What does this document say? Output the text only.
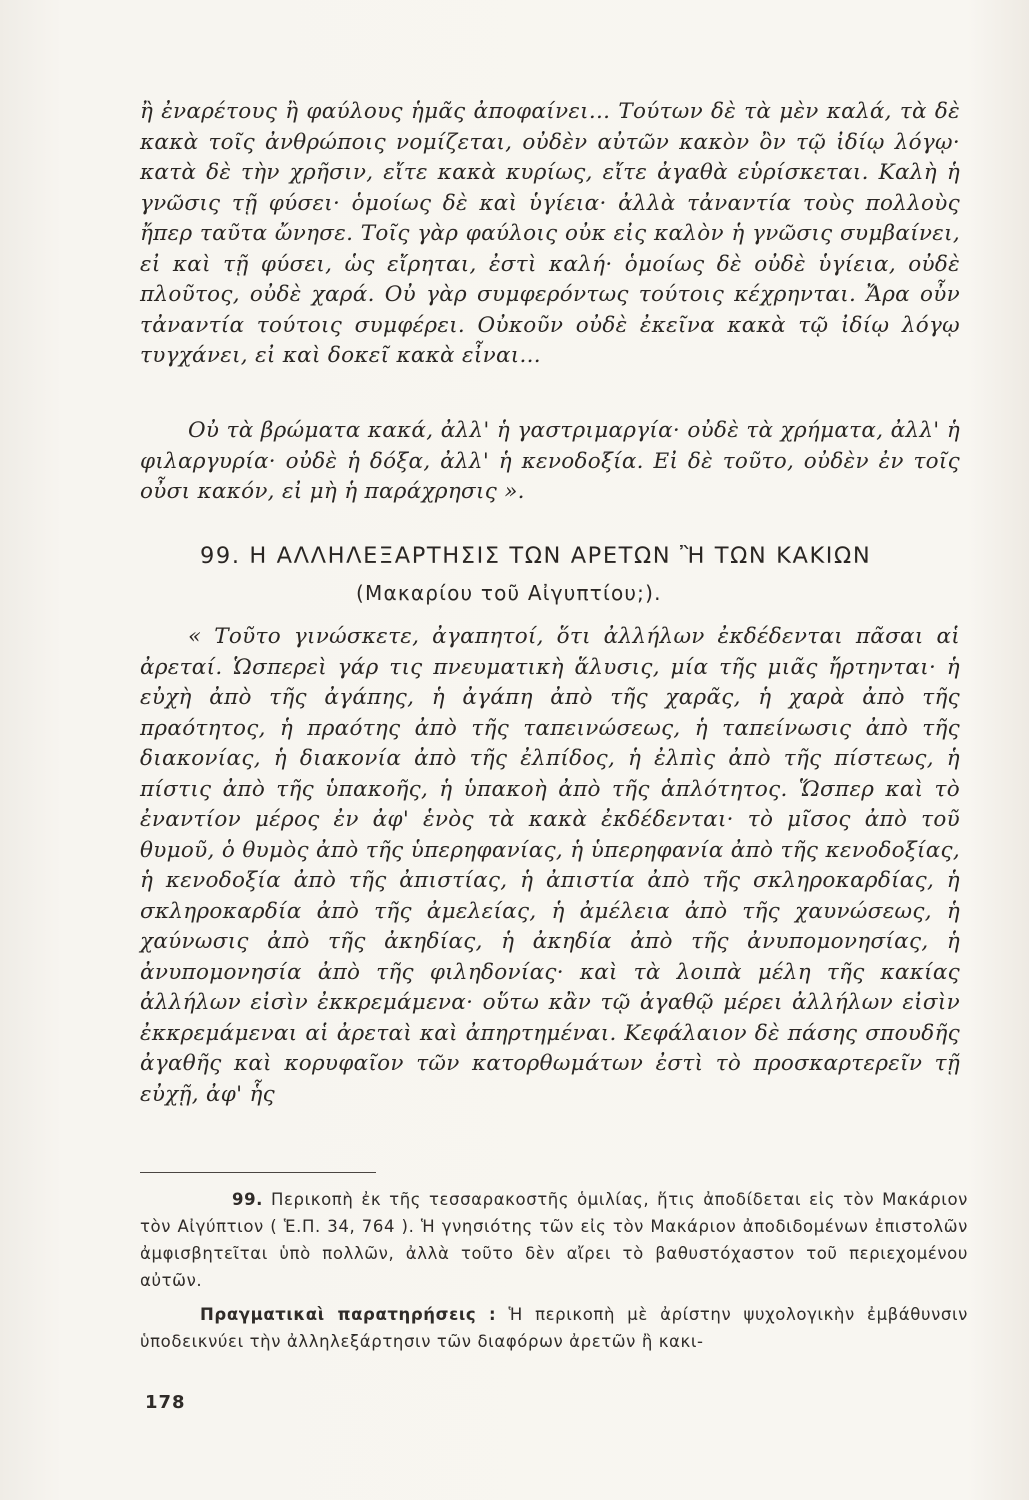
ἢ ἐναρέτους ἢ φαύλους ἡμᾶς ἀποφαίνει... Τούτων δὲ τὰ μὲν καλά, τὰ δὲ κακὰ τοῖς ἀνθρώποις νομίζεται, οὐδὲν αὐτῶν κακὸν ὂν τῷ ἰδίῳ λόγῳ· κατὰ δὲ τὴν χρῆσιν, εἴτε κακὰ κυρίως, εἴτε ἀγαθὰ εὑρίσκεται. Καλὴ ἡ γνῶσις τῇ φύσει· ὁμοίως δὲ καὶ ὑγίεια· ἀλλὰ τἀναντία τοὺς πολλοὺς ἤπερ ταῦτα ὤνησε. Τοῖς γὰρ φαύλοις οὐκ εἰς καλὸν ἡ γνῶσις συμβαίνει, εἰ καὶ τῇ φύσει, ὡς εἴρηται, ἐστὶ καλή· ὁμοίως δὲ οὐδὲ ὑγίεια, οὐδὲ πλοῦτος, οὐδὲ χαρά. Οὐ γὰρ συμφερόντως τούτοις κέχρηνται. Ἄρα οὖν τἀναντία τούτοις συμφέρει. Οὐκοῦν οὐδὲ ἐκεῖνα κακὰ τῷ ἰδίῳ λόγῳ τυγχάνει, εἰ καὶ δοκεῖ κακὰ εἶναι...

Οὐ τὰ βρώματα κακά, ἀλλ' ἡ γαστριμαργία· οὐδὲ τὰ χρήματα, ἀλλ' ἡ φιλαργυρία· οὐδὲ ἡ δόξα, ἀλλ' ἡ κενοδοξία. Εἰ δὲ τοῦτο, οὐδὲν ἐν τοῖς οὖσι κακόν, εἰ μὴ ἡ παράχρησις ».

99. Η ΑΛΛΗΛΕΞΑΡΤΗΣΙΣ ΤΩΝ ΑΡΕΤΩΝ Ἢ ΤΩΝ ΚΑΚΙΩΝ
(Μακαρίου τοῦ Αἰγυπτίου;).

« Τοῦτο γινώσκετε, ἀγαπητοί, ὅτι ἀλλήλων ἐκδέδενται πᾶσαι αἱ ἀρεταί. Ὡσπερεὶ γάρ τις πνευματικὴ ἅλυσις, μία τῆς μιᾶς ἤρτηνται· ἡ εὐχὴ ἀπὸ τῆς ἀγάπης, ἡ ἀγάπη ἀπὸ τῆς χαρᾶς, ἡ χαρὰ ἀπὸ τῆς πραότητος, ἡ πραότης ἀπὸ τῆς ταπεινώσεως, ἡ ταπείνωσις ἀπὸ τῆς διακονίας, ἡ διακονία ἀπὸ τῆς ἐλπίδος, ἡ ἐλπὶς ἀπὸ τῆς πίστεως, ἡ πίστις ἀπὸ τῆς ὑπακοῆς, ἡ ὑπακοὴ ἀπὸ τῆς ἁπλότητος. Ὥσπερ καὶ τὸ ἐναντίον μέρος ἐν ἀφ' ἑνὸς τὰ κακὰ ἐκδέδενται· τὸ μῖσος ἀπὸ τοῦ θυμοῦ, ὁ θυμὸς ἀπὸ τῆς ὑπερηφανίας, ἡ ὑπερηφανία ἀπὸ τῆς κενοδοξίας, ἡ κενοδοξία ἀπὸ τῆς ἀπιστίας, ἡ ἀπιστία ἀπὸ τῆς σκληροκαρδίας, ἡ σκληροκαρδία ἀπὸ τῆς ἀμελείας, ἡ ἀμέλεια ἀπὸ τῆς χαυνώσεως, ἡ χαύνωσις ἀπὸ τῆς ἀκηδίας, ἡ ἀκηδία ἀπὸ τῆς ἀνυπομονησίας, ἡ ἀνυπομονησία ἀπὸ τῆς φιληδονίας· καὶ τὰ λοιπὰ μέλη τῆς κακίας ἀλλήλων εἰσὶν ἐκκρεμάμενα· οὕτω κἂν τῷ ἀγαθῷ μέρει ἀλλήλων εἰσὶν ἐκκρεμάμεναι αἱ ἀρεταὶ καὶ ἀπηρτημέναι. Κεφάλαιον δὲ πάσης σπουδῆς ἀγαθῆς καὶ κορυφαῖον τῶν κατορθωμάτων ἐστὶ τὸ προσκαρτερεῖν τῇ εὐχῇ, ἀφ' ἧς

99. Περικοπὴ ἐκ τῆς τεσσαρακοστῆς ὁμιλίας, ἥτις ἀποδίδεται εἰς τὸν Μακάριον τὸν Αἰγύπτιον ( Ἑ.Π. 34, 764 ). Ἡ γνησιότης τῶν εἰς τὸν Μακάριον ἀποδιδομένων ἐπιστολῶν ἀμφισβητεῖται ὑπὸ πολλῶν, ἀλλὰ τοῦτο δὲν αἴρει τὸ βαθυστόχαστον τοῦ περιεχομένου αὐτῶν.

Πραγματικαὶ παρατηρήσεις : Ἡ περικοπὴ μὲ ἀρίστην ψυχολογικὴν ἐμβάθυνσιν ὑποδεικνύει τὴν ἀλληλεξάρτησιν τῶν διαφόρων ἀρετῶν ἢ κακι-

178
